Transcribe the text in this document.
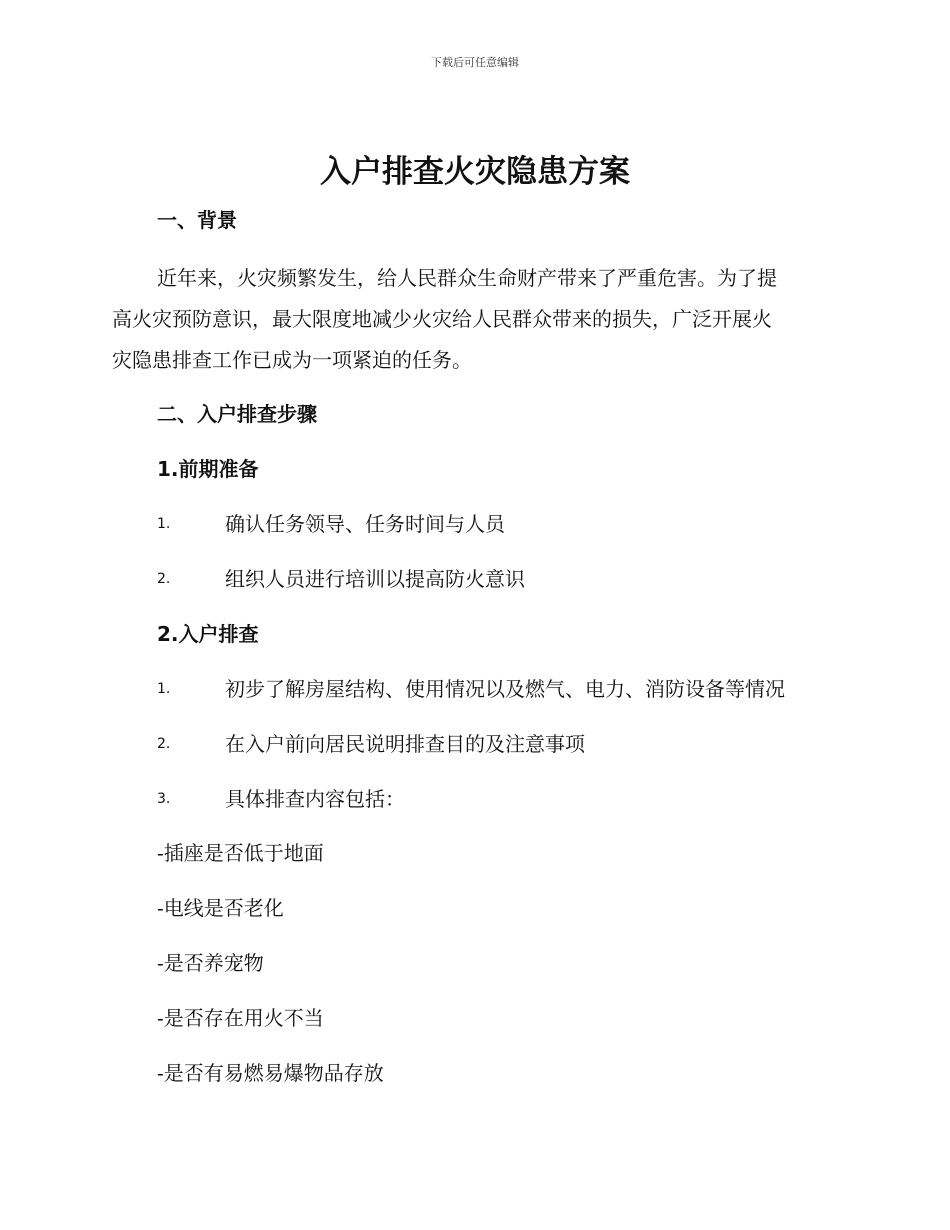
下载后可任意编辑
入户排查火灾隐患方案
一、背景
近年来，火灾频繁发生，给人民群众生命财产带来了严重危害。为了提
高火灾预防意识，最大限度地减少火灾给人民群众带来的损失，广泛开展火
灾隐患排查工作已成为一项紧迫的任务。
二、入户排查步骤
1.前期准备
1.	确认任务领导、任务时间与人员
2.	组织人员进行培训以提高防火意识
2.入户排查
1.	初步了解房屋结构、使用情况以及燃气、电力、消防设备等情况
2.	在入户前向居民说明排查目的及注意事项
3.	具体排查内容包括：
-插座是否低于地面
-电线是否老化
-是否养宠物
-是否存在用火不当
-是否有易燃易爆物品存放
